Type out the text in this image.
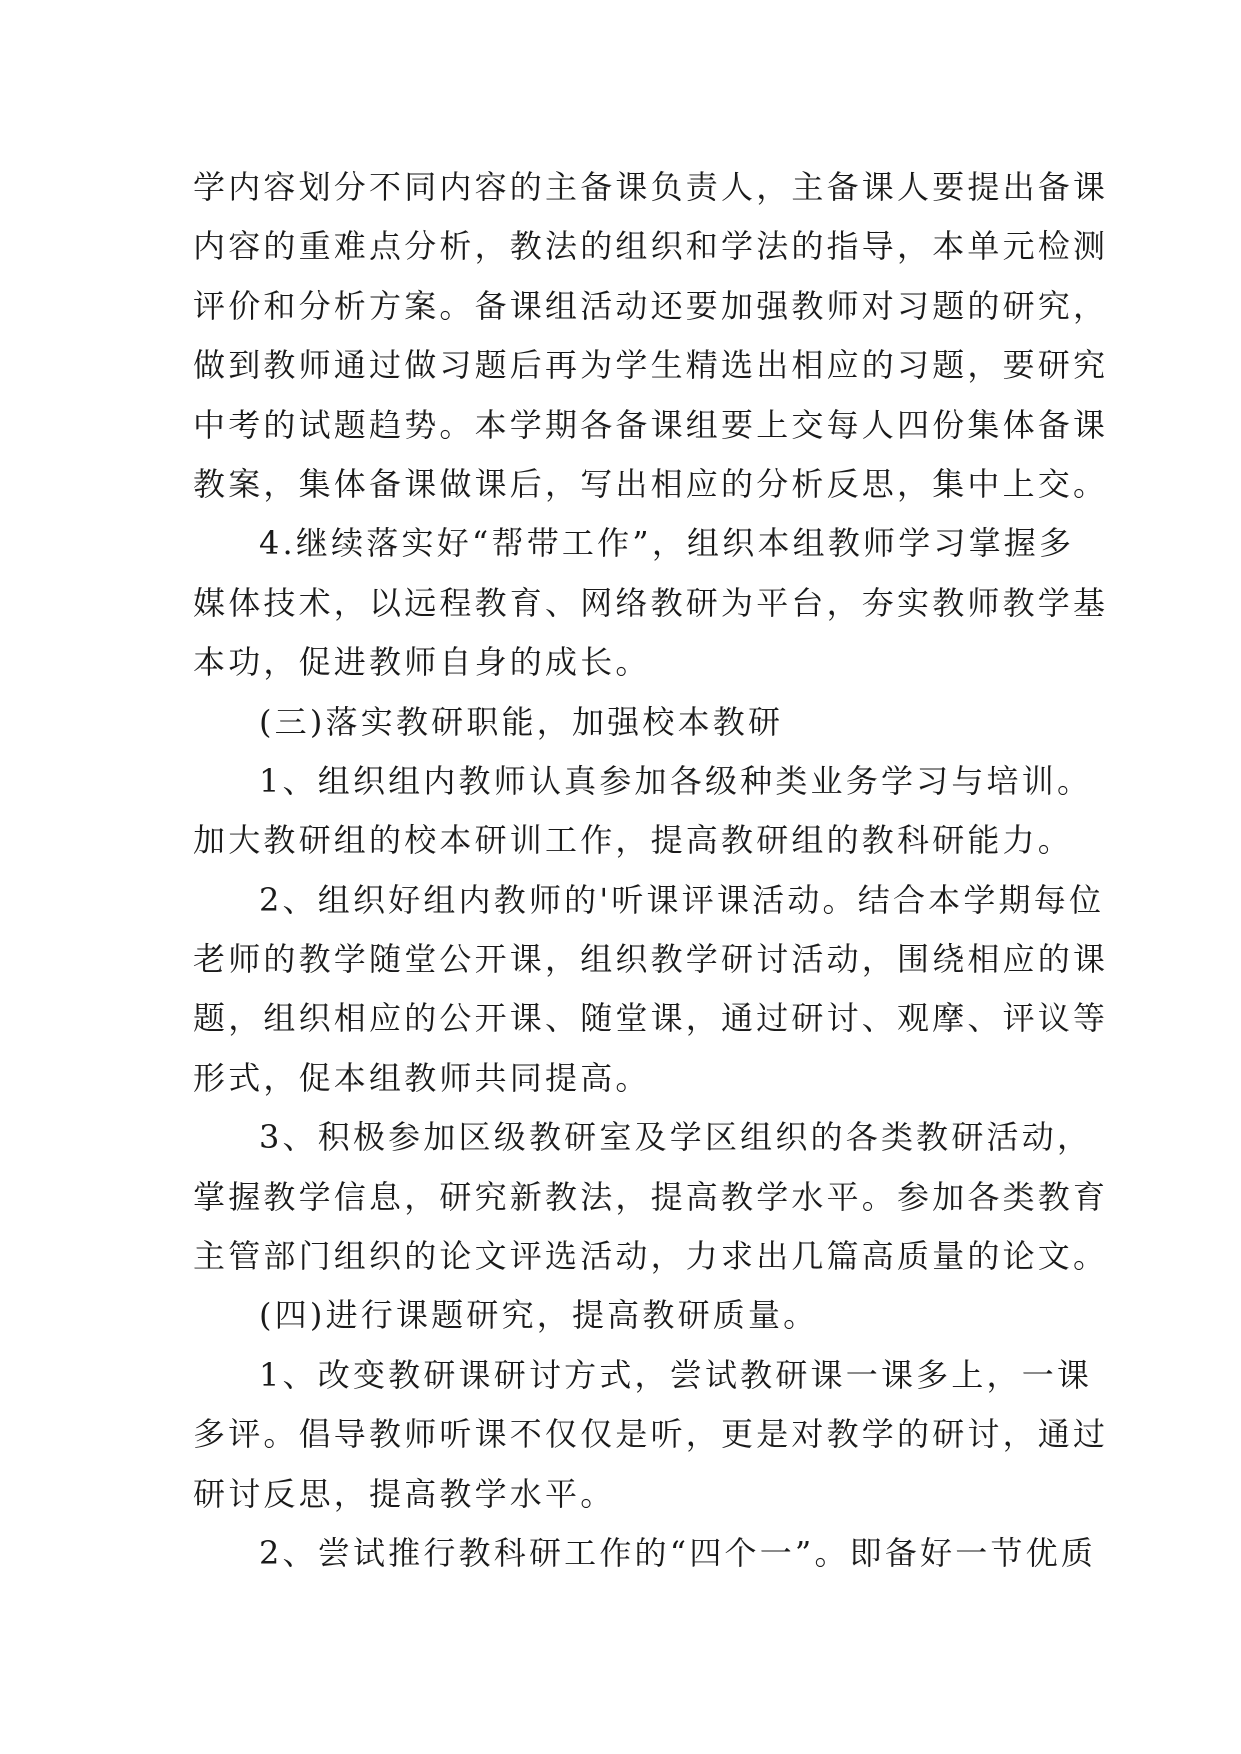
学内容划分不同内容的主备课负责人，主备课人要提出备课
内容的重难点分析，教法的组织和学法的指导，本单元检测
评价和分析方案。备课组活动还要加强教师对习题的研究，
做到教师通过做习题后再为学生精选出相应的习题，要研究
中考的试题趋势。本学期各备课组要上交每人四份集体备课
教案，集体备课做课后，写出相应的分析反思，集中上交。
4.继续落实好“帮带工作”，组织本组教师学习掌握多
媒体技术，以远程教育、网络教研为平台，夯实教师教学基
本功，促进教师自身的成长。
(三)落实教研职能，加强校本教研
1、组织组内教师认真参加各级种类业务学习与培训。
加大教研组的校本研训工作，提高教研组的教科研能力。
2、组织好组内教师的'听课评课活动。结合本学期每位
老师的教学随堂公开课，组织教学研讨活动，围绕相应的课
题，组织相应的公开课、随堂课，通过研讨、观摩、评议等
形式，促本组教师共同提高。
3、积极参加区级教研室及学区组织的各类教研活动，
掌握教学信息，研究新教法，提高教学水平。参加各类教育
主管部门组织的论文评选活动，力求出几篇高质量的论文。
(四)进行课题研究，提高教研质量。
1、改变教研课研讨方式，尝试教研课一课多上，一课
多评。倡导教师听课不仅仅是听，更是对教学的研讨，通过
研讨反思，提高教学水平。
2、尝试推行教科研工作的“四个一”。即备好一节优质
